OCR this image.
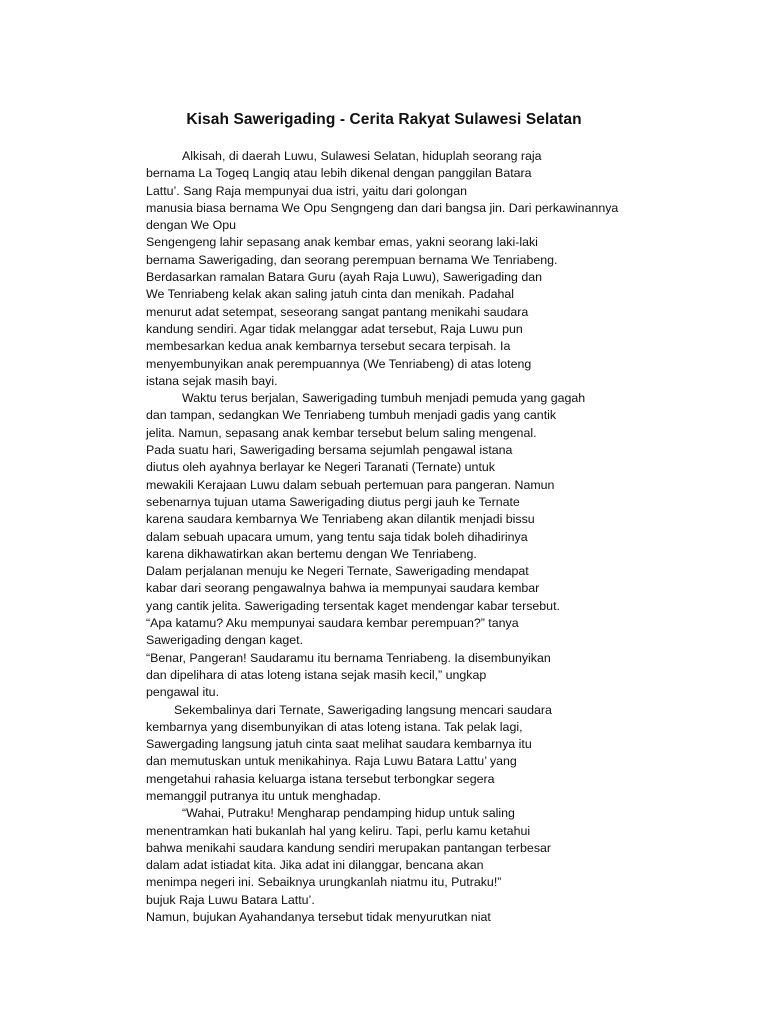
Kisah Sawerigading - Cerita Rakyat Sulawesi Selatan
Alkisah, di daerah Luwu, Sulawesi Selatan, hiduplah seorang raja
bernama La Togeq Langiq atau lebih dikenal dengan panggilan Batara
Lattu’. Sang Raja mempunyai dua istri, yaitu dari golongan
manusia biasa bernama We Opu Sengngeng dan dari bangsa jin. Dari perkawinannya
dengan We Opu
Sengengeng lahir sepasang anak kembar emas, yakni seorang laki-laki
bernama Sawerigading, dan seorang perempuan bernama We Tenriabeng.
Berdasarkan ramalan Batara Guru (ayah Raja Luwu), Sawerigading dan
We Tenriabeng kelak akan saling jatuh cinta dan menikah. Padahal
menurut adat setempat, seseorang sangat pantang menikahi saudara
kandung sendiri. Agar tidak melanggar adat tersebut, Raja Luwu pun
membesarkan kedua anak kembarnya tersebut secara terpisah. Ia
menyembunyikan anak perempuannya (We Tenriabeng) di atas loteng
istana sejak masih bayi.
Waktu terus berjalan, Sawerigading tumbuh menjadi pemuda yang gagah
dan tampan, sedangkan We Tenriabeng tumbuh menjadi gadis yang cantik
jelita. Namun, sepasang anak kembar tersebut belum saling mengenal.
Pada suatu hari, Sawerigading bersama sejumlah pengawal istana
diutus oleh ayahnya berlayar ke Negeri Taranati (Ternate) untuk
mewakili Kerajaan Luwu dalam sebuah pertemuan para pangeran. Namun
sebenarnya tujuan utama Sawerigading diutus pergi jauh ke Ternate
karena saudara kembarnya We Tenriabeng akan dilantik menjadi bissu
dalam sebuah upacara umum, yang tentu saja tidak boleh dihadirinya
karena dikhawatirkan akan bertemu dengan We Tenriabeng.
Dalam perjalanan menuju ke Negeri Ternate, Sawerigading mendapat
kabar dari seorang pengawalnya bahwa ia mempunyai saudara kembar
yang cantik jelita. Sawerigading tersentak kaget mendengar kabar tersebut.
“Apa katamu? Aku mempunyai saudara kembar perempuan?” tanya
Sawerigading dengan kaget.
“Benar, Pangeran! Saudaramu itu bernama Tenriabeng. Ia disembunyikan
dan dipelihara di atas loteng istana sejak masih kecil,” ungkap
pengawal itu.
Sekembalinya dari Ternate, Sawerigading langsung mencari saudara
kembarnya yang disembunyikan di atas loteng istana. Tak pelak lagi,
Sawergading langsung jatuh cinta saat melihat saudara kembarnya itu
dan memutuskan untuk menikahinya. Raja Luwu Batara Lattu’ yang
mengetahui rahasia keluarga istana tersebut terbongkar segera
memanggil putranya itu untuk menghadap.
“Wahai, Putraku! Mengharap pendamping hidup untuk saling
menentramkan hati bukanlah hal yang keliru. Tapi, perlu kamu ketahui
bahwa menikahi saudara kandung sendiri merupakan pantangan terbesar
dalam adat istiadat kita. Jika adat ini dilanggar, bencana akan
menimpa negeri ini. Sebaiknya urungkanlah niatmu itu, Putraku!”
bujuk Raja Luwu Batara Lattu’.
Namun, bujukan Ayahandanya tersebut tidak menyurutkan niat
